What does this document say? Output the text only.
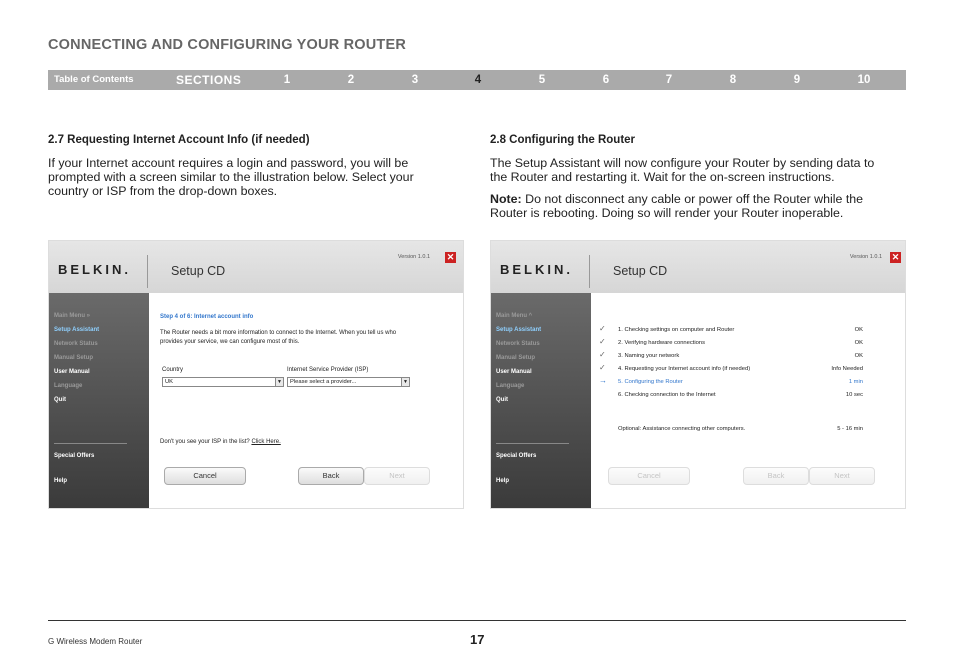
CONNECTING AND CONFIGURING YOUR ROUTER
Table of Contents	SECTIONS	1	2	3	4	5	6	7	8	9	10
2.7 Requesting Internet Account Info (if needed)
If your Internet account requires a login and password, you will be
prompted with a screen similar to the illustration below. Select your
country or ISP from the drop-down boxes.
2.8 Configuring the Router
The Setup Assistant will now configure your Router by sending data to
the Router and restarting it. Wait for the on-screen instructions.
Note: Do not disconnect any cable or power off the Router while the
Router is rebooting. Doing so will render your Router inoperable.
BELKIN.	Setup CD
Version 1.0.1 ✕
Main Menu »
Setup Assistant
Network Status
Manual Setup
User Manual
Language
Quit
Special Offers
Help
Step 4 of 6: Internet account info
The Router needs a bit more information to connect to the Internet. When you tell us who
provides your service, we can configure most of this.
Country
UK	▼
Internet Service Provider (ISP)
Please select a provider...	▼
Don't you see your ISP in the list? Click Here.
Cancel	Back	Next
BELKIN.	Setup CD
Version 1.0.1 ✕
Main Menu ^
Setup Assistant
Network Status
Manual Setup
User Manual
Language
Quit
Special Offers
Help
✓ 1. Checking settings on computer and Router	OK
✓ 2. Verifying hardware connections	OK
✓ 3. Naming your network	OK
✓ 4. Requesting your Internet account info (if needed)	Info Needed
→ 5. Configuring the Router	1 min
6. Checking connection to the Internet	10 sec
Optional: Assistance connecting other computers.	5 - 16 min
Cancel	Back	Next
G Wireless Modem Router	17
